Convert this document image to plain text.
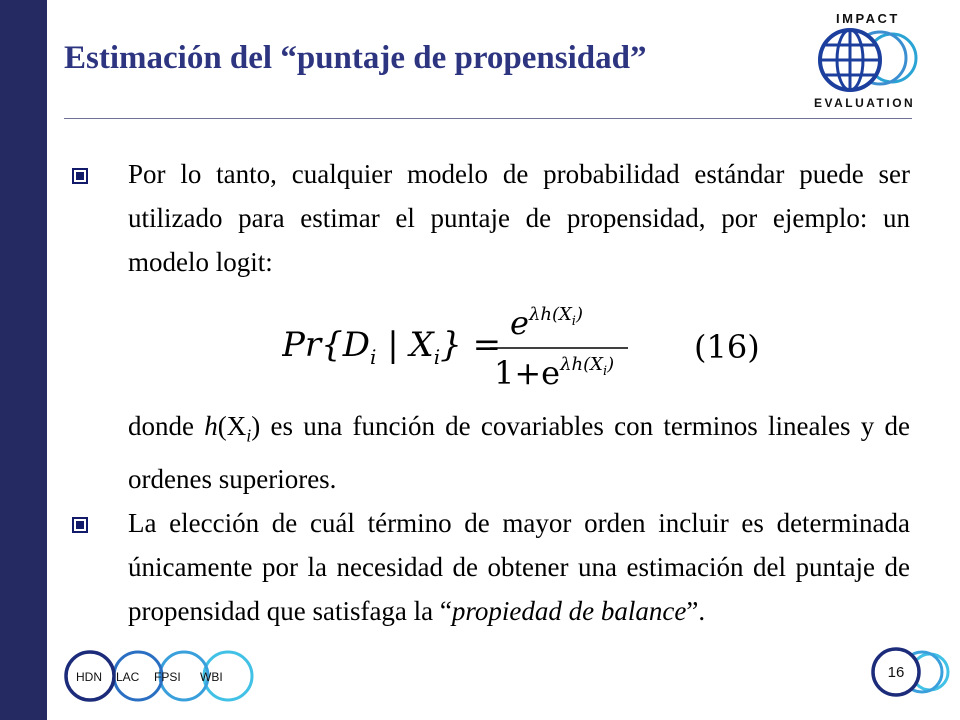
Estimación del “puntaje de propensidad”
IMPACT
EVALUATION
Por lo tanto, cualquier modelo de probabilidad estándar puede ser utilizado para estimar el puntaje de propensidad, por ejemplo: un modelo logit:
$Pr\{D_i$ | $X_i$} =
$e^{\lambda h(X}i$)
$1+e^{\lambda h(X}i$) (16)
donde $h(X_i)$ es una función de covariables con terminos lineales y de ordenes superiores.
La elección de cuál término de mayor orden incluir es determinada únicamente por la necesidad de obtener una estimación del puntaje de propensidad que satisfaga la “propiedad de balance”.
HDN LAC FPSI WBI	16
